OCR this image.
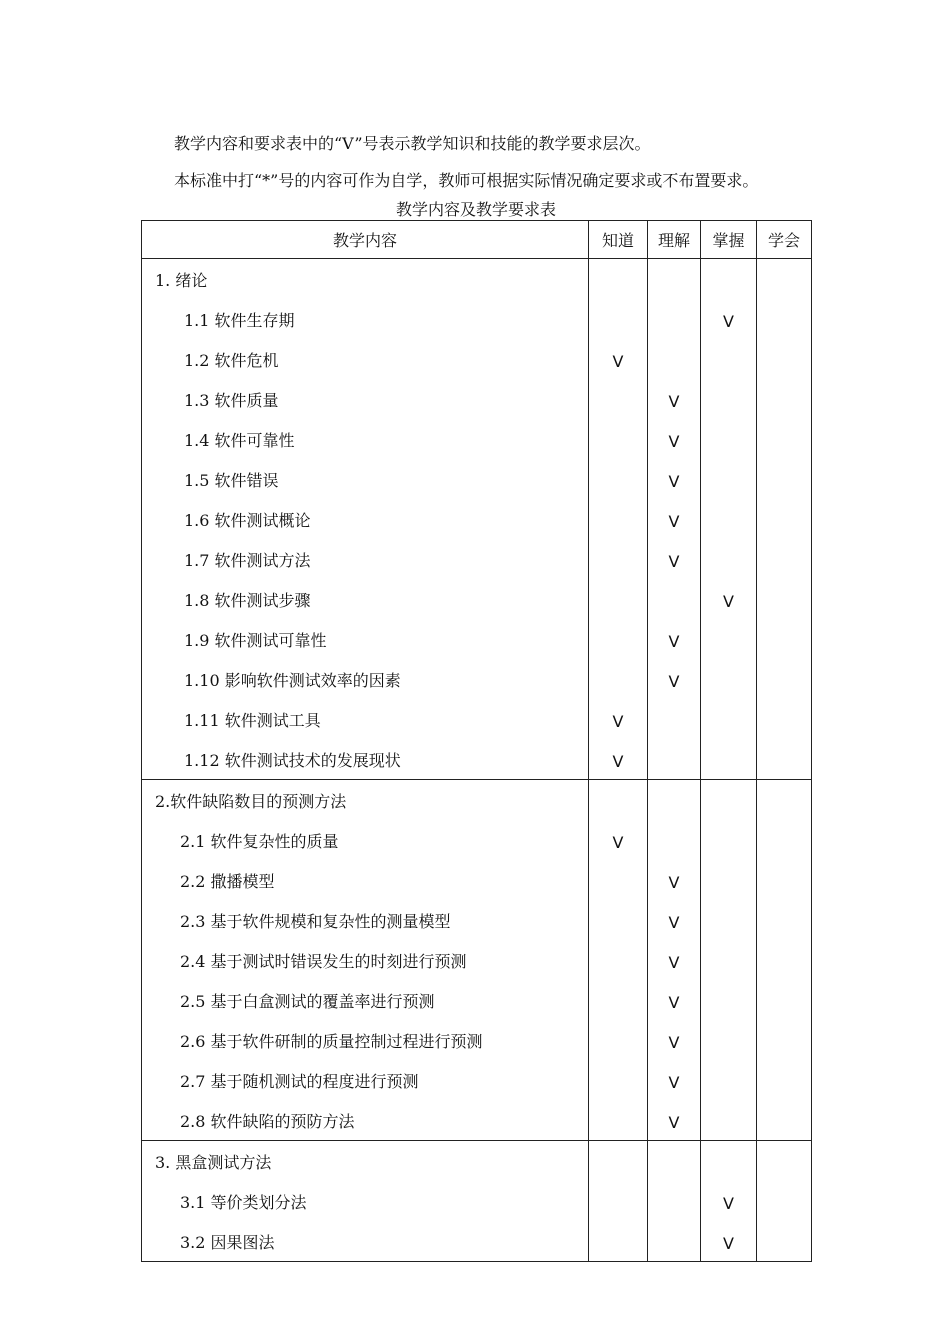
教学内容和要求表中的“V”号表示教学知识和技能的教学要求层次。

本标准中打“*”号的内容可作为自学，教师可根据实际情况确定要求或不布置要求。

教学内容及教学要求表
教学内容	知道	理解	掌握	学会
1. 绪论				
1.1 软件生存期			V	
1.2 软件危机	V			
1.3 软件质量		V		
1.4 软件可靠性		V		
1.5 软件错误		V		
1.6 软件测试概论		V		
1.7 软件测试方法		V		
1.8 软件测试步骤			V	
1.9 软件测试可靠性		V		
1.10 影响软件测试效率的因素		V		
1.11 软件测试工具	V			
1.12 软件测试技术的发展现状	V			
2.软件缺陷数目的预测方法				
2.1 软件复杂性的质量	V			
2.2 撒播模型		V		
2.3 基于软件规模和复杂性的测量模型		V		
2.4 基于测试时错误发生的时刻进行预测		V		
2.5 基于白盒测试的覆盖率进行预测		V		
2.6 基于软件研制的质量控制过程进行预测		V		
2.7 基于随机测试的程度进行预测		V		
2.8 软件缺陷的预防方法		V		
3. 黑盒测试方法				
3.1 等价类划分法			V	
3.2 因果图法			V	
